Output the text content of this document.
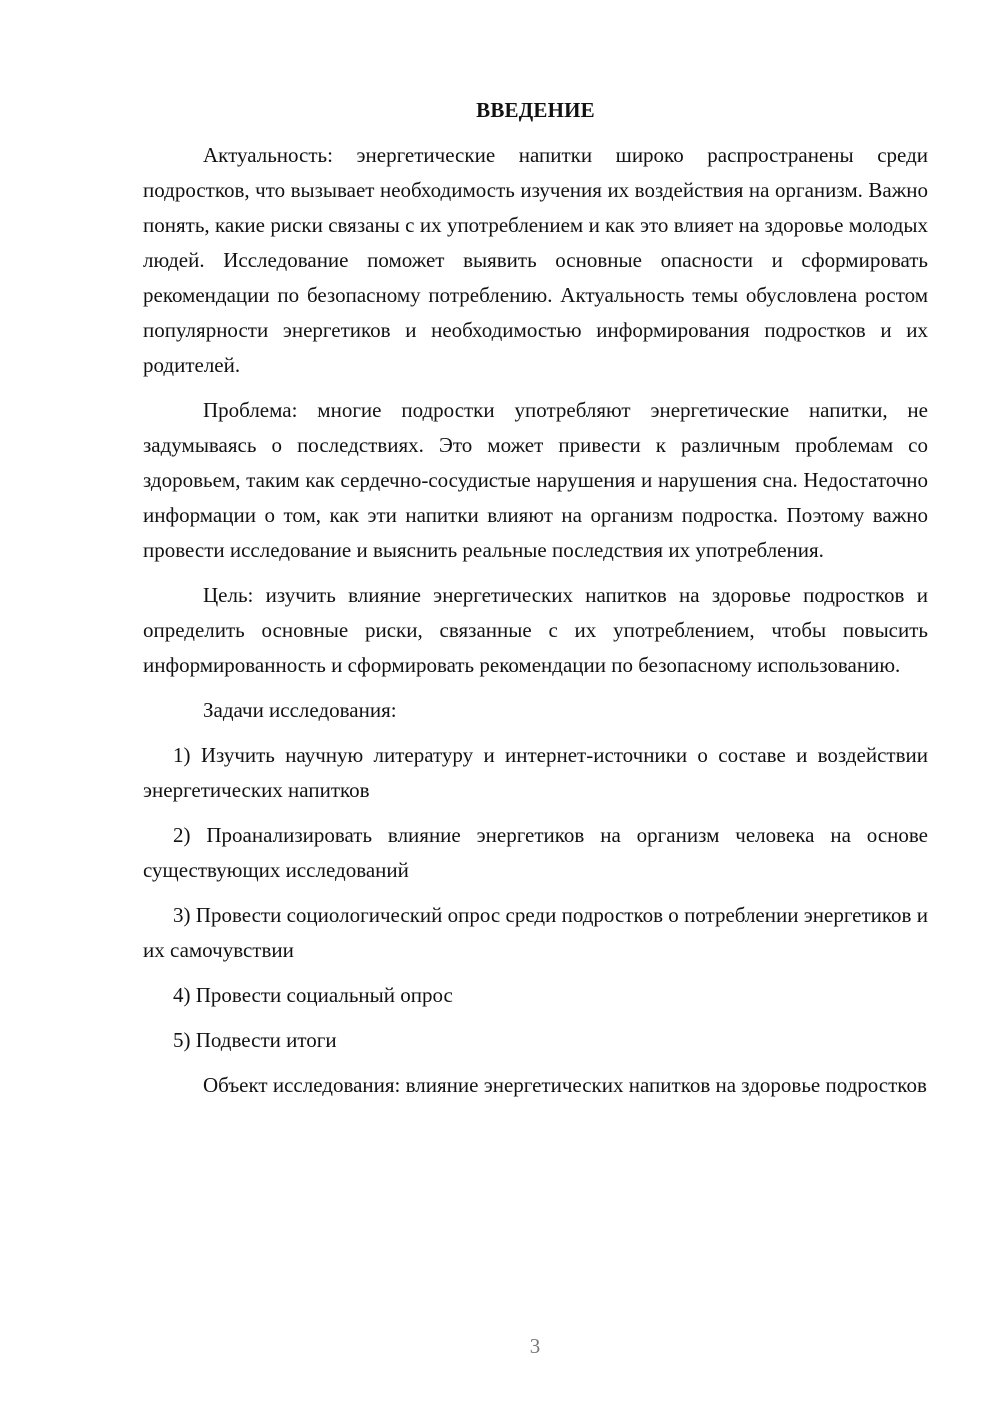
ВВЕДЕНИЕ

Актуальность: энергетические напитки широко распространены среди подростков, что вызывает необходимость изучения их воздействия на организм. Важно понять, какие риски связаны с их употреблением и как это влияет на здоровье молодых людей. Исследование поможет выявить основные опасности и сформировать рекомендации по безопасному потреблению. Актуальность темы обусловлена ростом популярности энергетиков и необходимостью информирования подростков и их родителей.

Проблема: многие подростки употребляют энергетические напитки, не задумываясь о последствиях. Это может привести к различным проблемам со здоровьем, таким как сердечно-сосудистые нарушения и нарушения сна. Недостаточно информации о том, как эти напитки влияют на организм подростка. Поэтому важно провести исследование и выяснить реальные последствия их употребления.

Цель: изучить влияние энергетических напитков на здоровье подростков и определить основные риски, связанные с их употреблением, чтобы повысить информированность и сформировать рекомендации по безопасному использованию.

Задачи исследования:

1) Изучить научную литературу и интернет-источники о составе и воздействии энергетических напитков

2) Проанализировать влияние энергетиков на организм человека на основе существующих исследований

3) Провести социологический опрос среди подростков о потреблении энергетиков и их самочувствии

4) Провести социальный опрос

5) Подвести итоги

Объект исследования: влияние энергетических напитков на здоровье подростков

3
